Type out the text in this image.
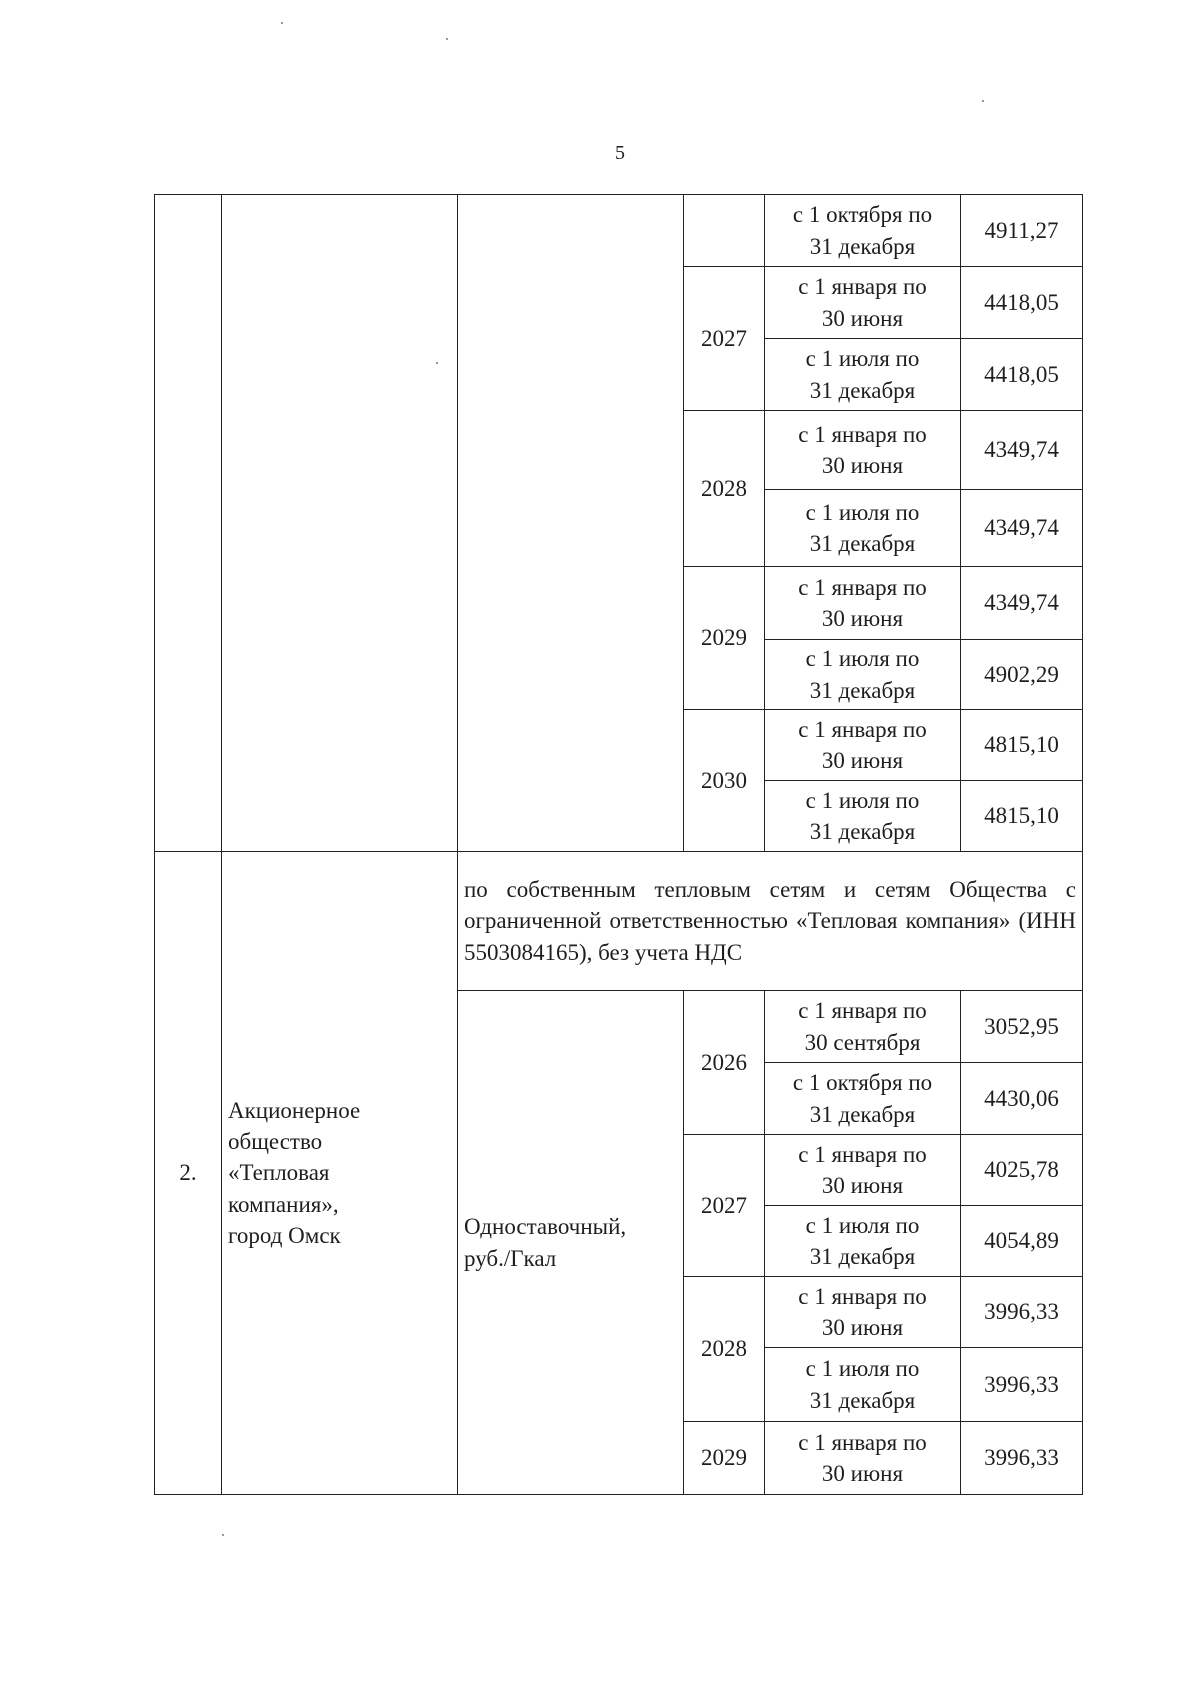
5
				с 1 октября по
31 декабря	4911,27
			2027	с 1 января по
30 июня	4418,05
				с 1 июля по
31 декабря	4418,05
			2028	с 1 января по
30 июня	4349,74
				с 1 июля по
31 декабря	4349,74
			2029	с 1 января по
30 июня	4349,74
				с 1 июля по
31 декабря	4902,29
			2030	с 1 января по
30 июня	4815,10
				с 1 июля по
31 декабря	4815,10
2.	Акционерное
общество
«Тепловая
компания»,
город Омск	по собственным тепловым сетям и сетям Общества с ограниченной ответственностью «Тепловая компания» (ИНН 5503084165), без учета НДС			
		Одноставочный,
руб./Гкал	2026	с 1 января по
30 сентября	3052,95
				с 1 октября по
31 декабря	4430,06
			2027	с 1 января по
30 июня	4025,78
				с 1 июля по
31 декабря	4054,89
			2028	с 1 января по
30 июня	3996,33
				с 1 июля по
31 декабря	3996,33
			2029	с 1 января по
30 июня	3996,33
